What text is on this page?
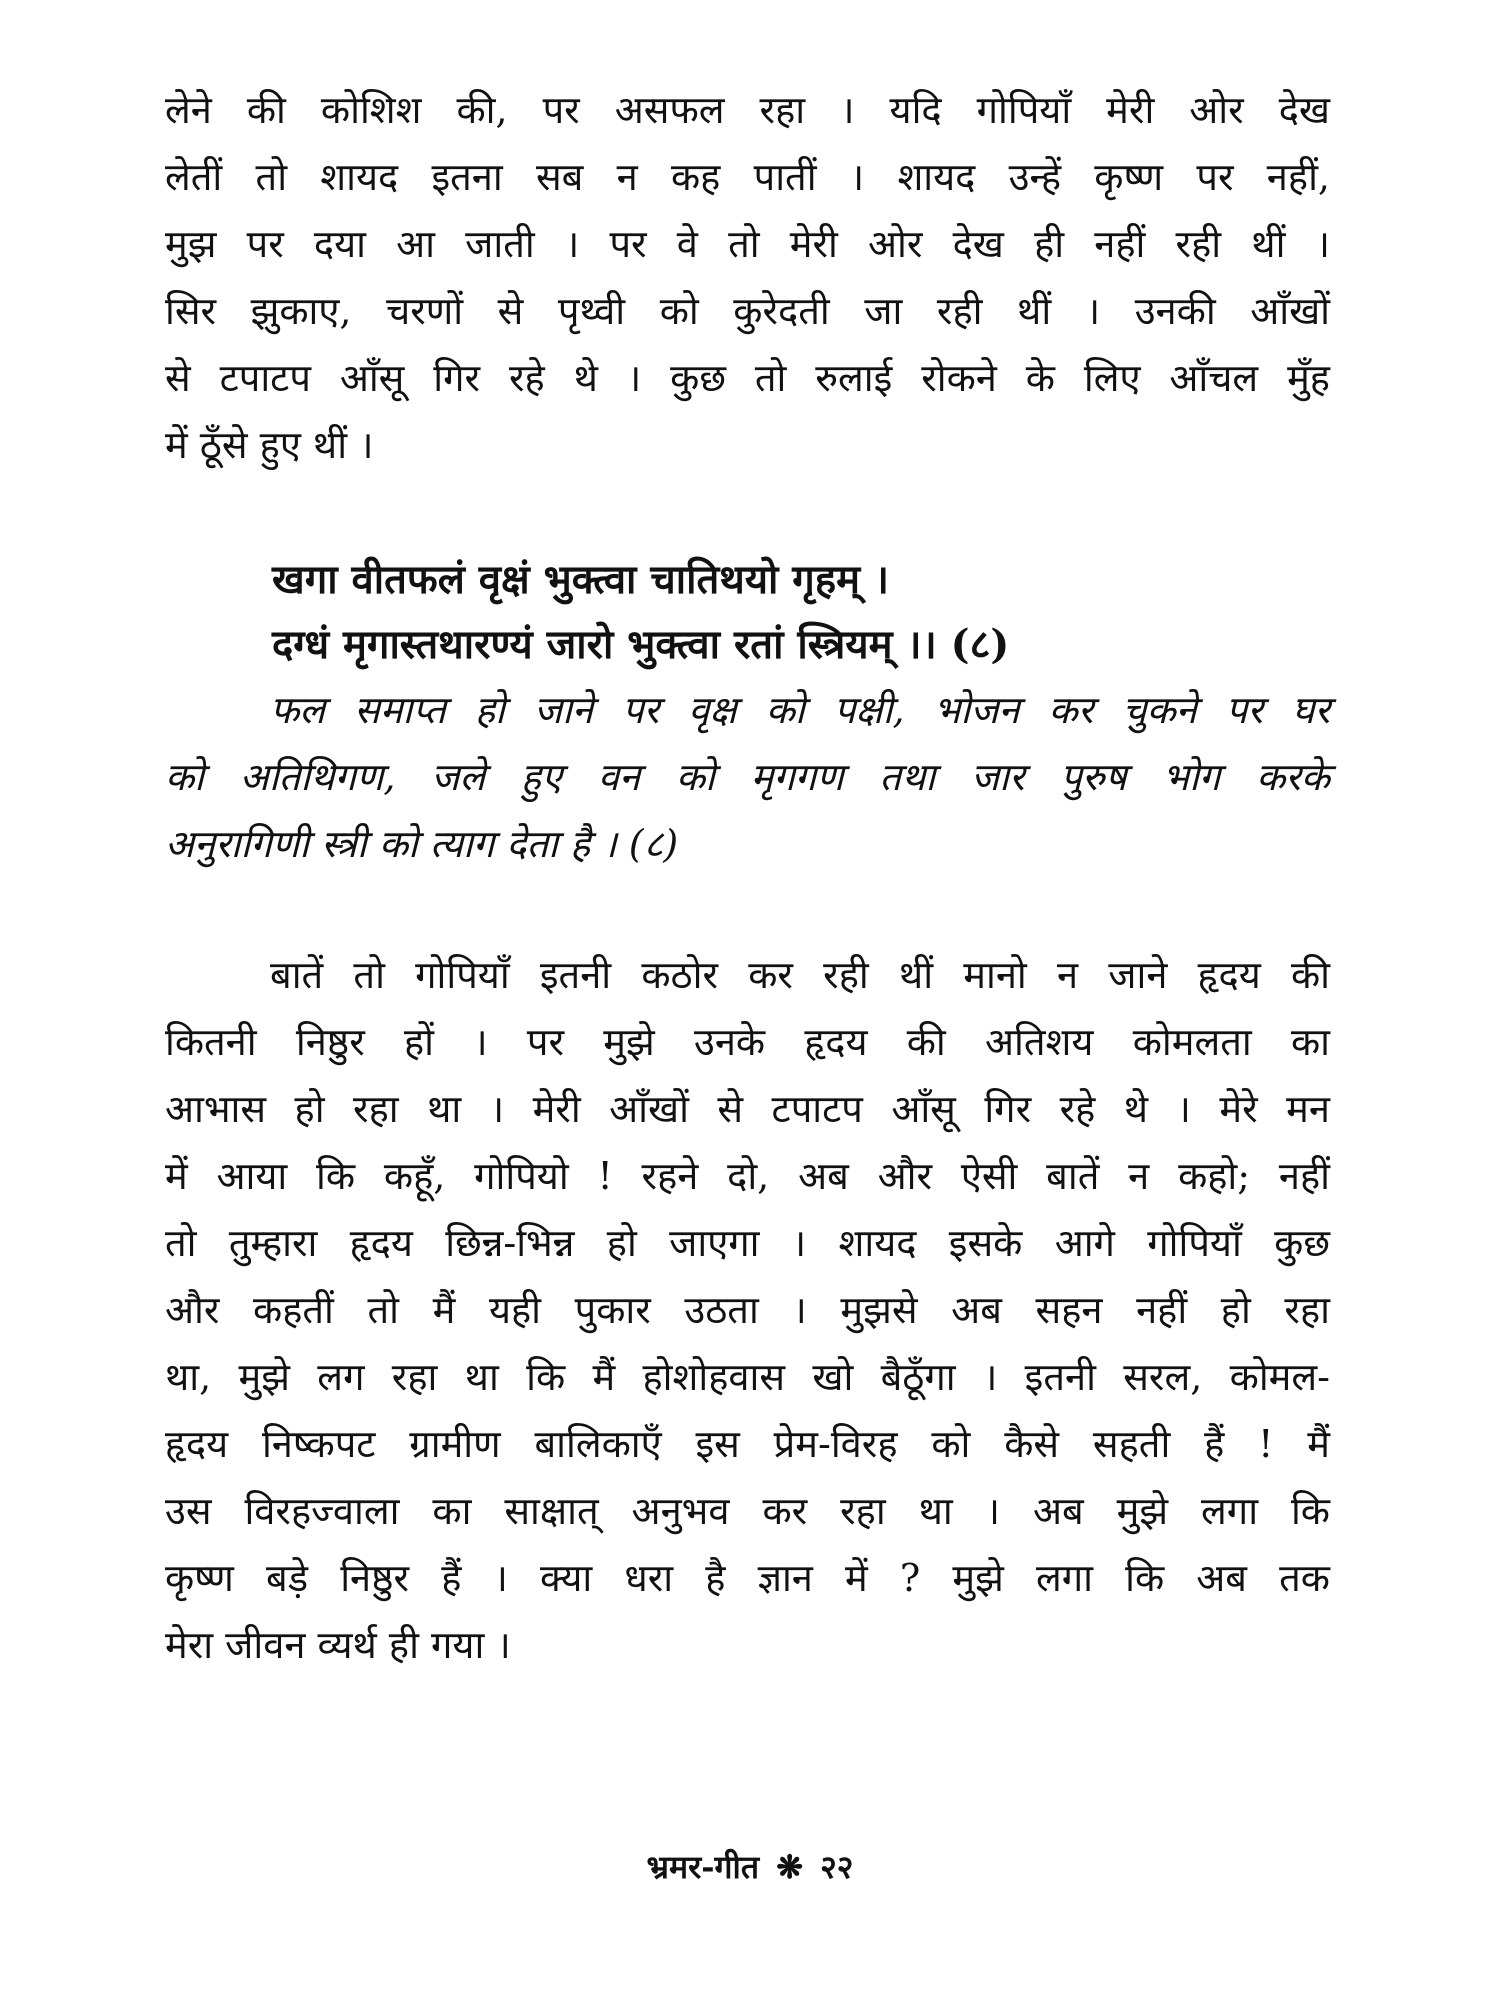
लेने की कोशिश की, पर असफल रहा । यदि गोपियाँ मेरी ओर देख
लेतीं तो शायद इतना सब न कह पातीं । शायद उन्हें कृष्ण पर नहीं,
मुझ पर दया आ जाती । पर वे तो मेरी ओर देख ही नहीं रही थीं ।
सिर झुकाए, चरणों से पृथ्वी को कुरेदती जा रही थीं । उनकी आँखों
से टपाटप आँसू गिर रहे थे । कुछ तो रुलाई रोकने के लिए आँचल मुँह
में ठूँसे हुए थीं ।
खगा वीतफलं वृक्षं भुक्त्वा चातिथयो गृहम् ।
दग्धं मृगास्तथारण्यं जारो भुक्त्वा रतां स्त्रियम् ।। (८)
फल समाप्त हो जाने पर वृक्ष को पक्षी, भोजन कर चुकने पर घर
को अतिथिगण, जले हुए वन को मृगगण तथा जार पुरुष भोग करके
अनुरागिणी स्त्री को त्याग देता है । (८)
बातें तो गोपियाँ इतनी कठोर कर रही थीं मानो न जाने हृदय की
कितनी निष्ठुर हों । पर मुझे उनके हृदय की अतिशय कोमलता का
आभास हो रहा था । मेरी आँखों से टपाटप आँसू गिर रहे थे । मेरे मन
में आया कि कहूँ, गोपियो ! रहने दो, अब और ऐसी बातें न कहो; नहीं
तो तुम्हारा हृदय छिन्न-भिन्न हो जाएगा । शायद इसके आगे गोपियाँ कुछ
और कहतीं तो मैं यही पुकार उठता । मुझसे अब सहन नहीं हो रहा
था, मुझे लग रहा था कि मैं होशोहवास खो बैठूँगा । इतनी सरल, कोमल-
हृदय निष्कपट ग्रामीण बालिकाएँ इस प्रेम-विरह को कैसे सहती हैं ! मैं
उस विरहज्वाला का साक्षात् अनुभव कर रहा था । अब मुझे लगा कि
कृष्ण बड़े निष्ठुर हैं । क्या धरा है ज्ञान में ? मुझे लगा कि अब तक
मेरा जीवन व्यर्थ ही गया ।
भ्रमर-गीत ❋ २२
